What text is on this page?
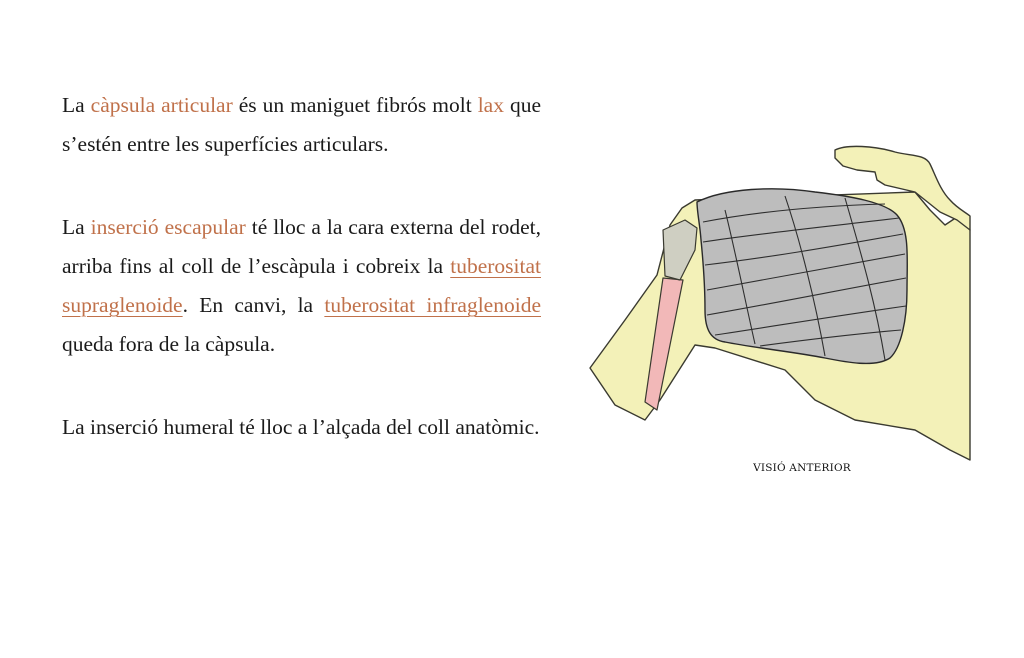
La càpsula articular és un maniguet fibrós molt lax que s’estén entre les superfícies articulars.

La inserció escapular té lloc a la cara externa del rodet, arriba fins al coll de l’escàpula i cobreix la tuberositat supraglenoide. En canvi, la tuberositat infraglenoide queda fora de la càpsula.

La inserció humeral té lloc a l’alçada del coll anatòmic.

VISIÓ ANTERIOR
